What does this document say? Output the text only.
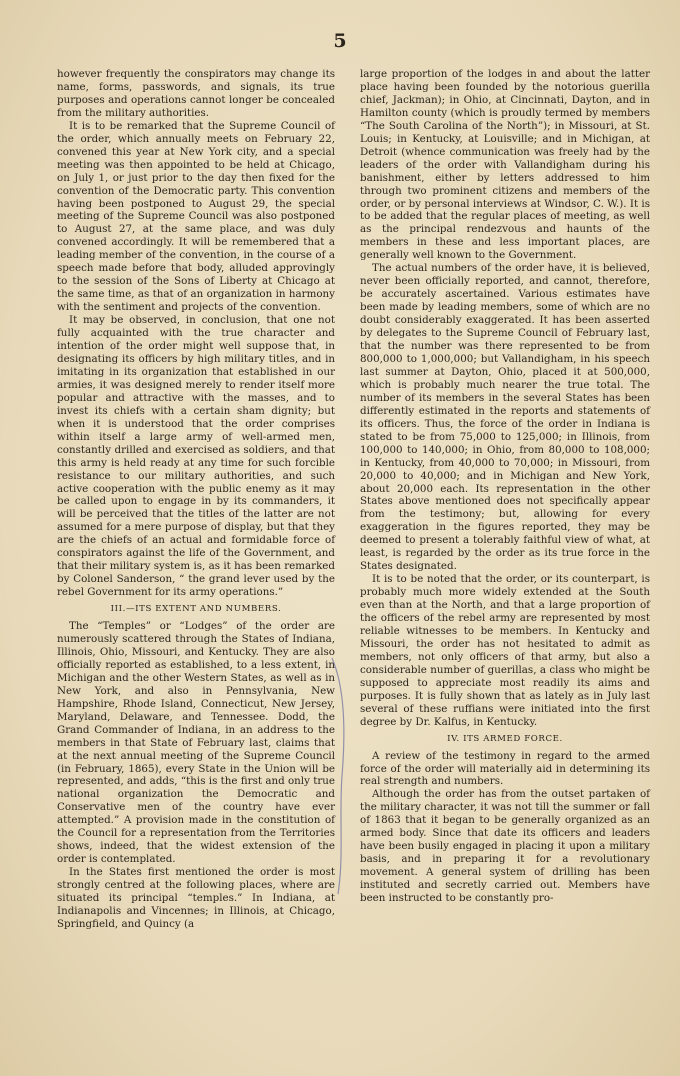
5

however frequently the conspirators may change its name, forms, passwords, and signals, its true purposes and operations cannot longer be concealed from the military authorities.

It is to be remarked that the Supreme Council of the order, which annually meets on February 22, convened this year at New York city, and a special meeting was then appointed to be held at Chicago, on July 1, or just prior to the day then fixed for the convention of the Democratic party. This convention having been postponed to August 29, the special meeting of the Supreme Council was also postponed to August 27, at the same place, and was duly convened accordingly. It will be remembered that a leading member of the convention, in the course of a speech made before that body, alluded approvingly to the session of the Sons of Liberty at Chicago at the same time, as that of an organization in harmony with the sentiment and projects of the convention.

It may be observed, in conclusion, that one not fully acquainted with the true character and intention of the order might well suppose that, in designating its officers by high military titles, and in imitating in its organization that established in our armies, it was designed merely to render itself more popular and attractive with the masses, and to invest its chiefs with a certain sham dignity; but when it is understood that the order comprises within itself a large army of well-armed men, constantly drilled and exercised as soldiers, and that this army is held ready at any time for such forcible resistance to our military authorities, and such active cooperation with the public enemy as it may be called upon to engage in by its commanders, it will be perceived that the titles of the latter are not assumed for a mere purpose of display, but that they are the chiefs of an actual and formidable force of conspirators against the life of the Government, and that their military system is, as it has been remarked by Colonel Sanderson, “ the grand lever used by the rebel Government for its army operations.”

III.—ITS EXTENT AND NUMBERS.

The “Temples” or “Lodges” of the order are numerously scattered through the States of Indiana, Illinois, Ohio, Missouri, and Kentucky. They are also officially reported as established, to a less extent, in Michigan and the other Western States, as well as in New York, and also in Pennsylvania, New Hampshire, Rhode Island, Connecticut, New Jersey, Maryland, Delaware, and Tennessee. Dodd, the Grand Commander of Indiana, in an address to the members in that State of February last, claims that at the next annual meeting of the Supreme Council (in February, 1865), every State in the Union will be represented, and adds, “this is the first and only true national organization the Democratic and Conservative men of the country have ever attempted.” A provision made in the constitution of the Council for a representation from the Territories shows, indeed, that the widest extension of the order is contemplated.

In the States first mentioned the order is most strongly centred at the following places, where are situated its principal “temples.” In Indiana, at Indianapolis and Vincennes; in Illinois, at Chicago, Springfield, and Quincy (a

large proportion of the lodges in and about the latter place having been founded by the notorious guerilla chief, Jackman); in Ohio, at Cincinnati, Dayton, and in Hamilton county (which is proudly termed by members “The South Carolina of the North”); in Missouri, at St. Louis; in Kentucky, at Louisville; and in Michigan, at Detroit (whence communication was freely had by the leaders of the order with Vallandigham during his banishment, either by letters addressed to him through two prominent citizens and members of the order, or by personal interviews at Windsor, C. W.). It is to be added that the regular places of meeting, as well as the principal rendezvous and haunts of the members in these and less important places, are generally well known to the Government.

The actual numbers of the order have, it is believed, never been officially reported, and cannot, therefore, be accurately ascertained. Various estimates have been made by leading members, some of which are no doubt considerably exaggerated. It has been asserted by delegates to the Supreme Council of February last, that the number was there represented to be from 800,000 to 1,000,000; but Vallandigham, in his speech last summer at Dayton, Ohio, placed it at 500,000, which is probably much nearer the true total. The number of its members in the several States has been differently estimated in the reports and statements of its officers. Thus, the force of the order in Indiana is stated to be from 75,000 to 125,000; in Illinois, from 100,000 to 140,000; in Ohio, from 80,000 to 108,000; in Kentucky, from 40,000 to 70,000; in Missouri, from 20,000 to 40,000; and in Michigan and New York, about 20,000 each. Its representation in the other States above mentioned does not specifically appear from the testimony; but, allowing for every exaggeration in the figures reported, they may be deemed to present a tolerably faithful view of what, at least, is regarded by the order as its true force in the States designated.

It is to be noted that the order, or its counterpart, is probably much more widely extended at the South even than at the North, and that a large proportion of the officers of the rebel army are represented by most reliable witnesses to be members. In Kentucky and Missouri, the order has not hesitated to admit as members, not only officers of that army, but also a considerable number of guerillas, a class who might be supposed to appreciate most readily its aims and purposes. It is fully shown that as lately as in July last several of these ruffians were initiated into the first degree by Dr. Kalfus, in Kentucky.

IV. ITS ARMED FORCE.

A review of the testimony in regard to the armed force of the order will materially aid in determining its real strength and numbers.

Although the order has from the outset partaken of the military character, it was not till the summer or fall of 1863 that it began to be generally organized as an armed body. Since that date its officers and leaders have been busily engaged in placing it upon a military basis, and in preparing it for a revolutionary movement. A general system of drilling has been instituted and secretly carried out. Members have been instructed to be constantly pro-
